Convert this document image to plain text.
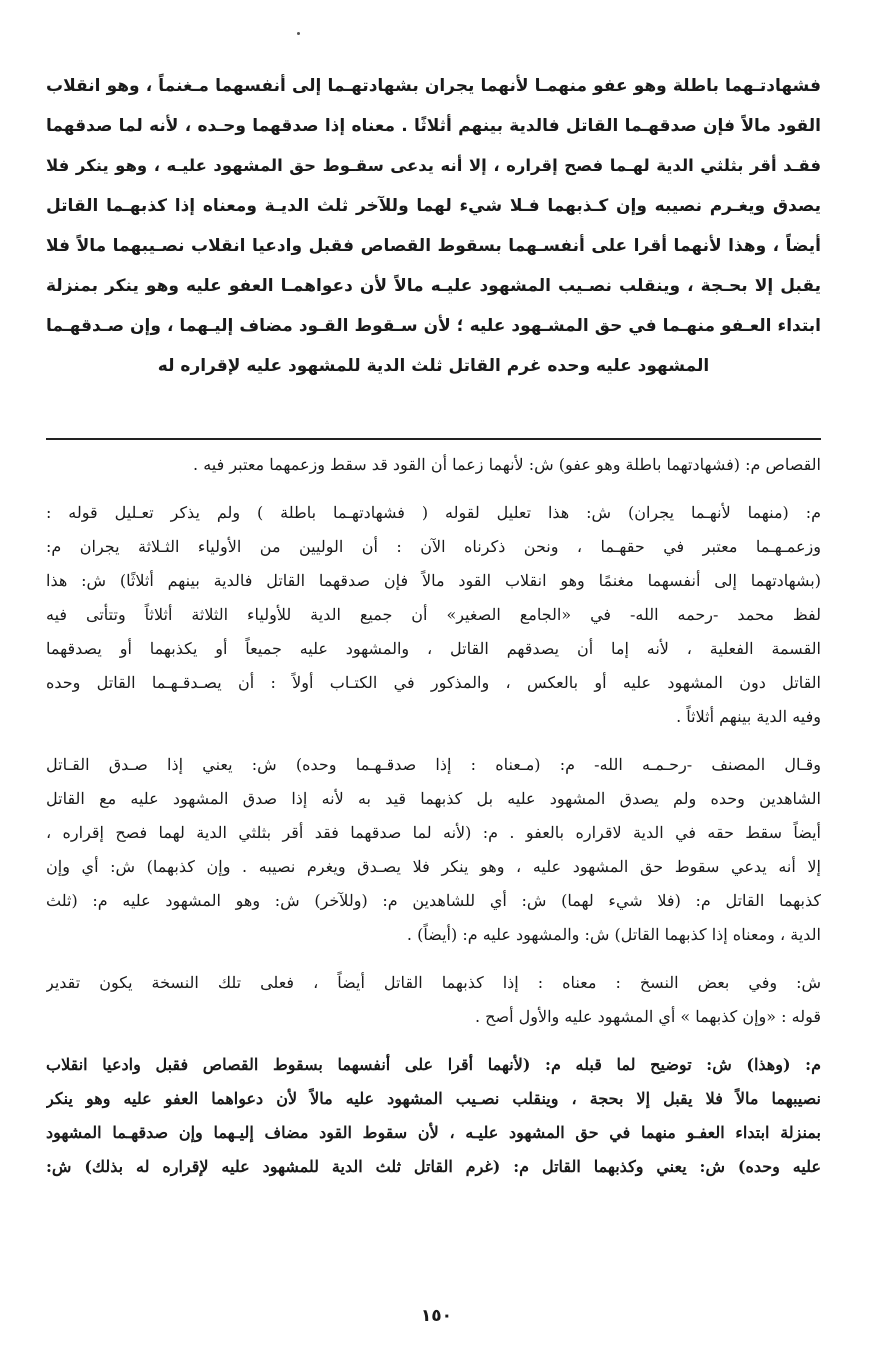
فشهادتـهما باطلة وهو عفو منهمـا لأنهما يجران بشهادتهـما إلى أنفسهما مـغنماً ، وهو انقلاب
القود مالاً فإن صدقهـما القاتل فالدية بينهم أثلاثًا . معناه إذا صدقهما وحـده ، لأنه لما صدقهما
فقـد أقر بثلثي الدية لهـما فصح إقراره ، إلا أنه يدعى سقـوط حق المشهود عليـه ، وهو ينكر فلا
يصدق ويغـرم نصيبه وإن كـذبهما فـلا شيء لهما وللآخر ثلث الديـة ومعناه إذا كذبهـما القاتل
أيضاً ، وهذا لأنهما أقرا على أنفسـهما بسقوط القصاص فقبل وادعيا انقلاب نصـيبهما مالاً فلا
يقبل إلا بحـجة ، وينقلب نصـيب المشهود عليـه مالاً لأن دعواهمـا العفو عليه وهو ينكر بمنزلة
ابتداء العـفو منهـما في حق المشـهود عليه ؛ لأن سـقوط القـود مضاف إليـهما ، وإن صـدقهـما
المشهود عليه وحده غرم القاتل ثلث الدية للمشهود عليه لإقراره له
القصاص م: (فشهادتهما باطلة وهو عفو) ش: لأنهما زعما أن القود قد سقط وزعمهما معتبر فيه .
م: (منهما لأنهـما يجران) ش: هذا تعليل لقوله ( فشهادتهـما باطلة ) ولم يذكر تعـليل قوله :
وزعمـهـما معتبر في حقهـما ، ونحن ذكرناه الآن : أن الوليين من الأولياء الثـلاثة يجران م:
(بشهادتهما إلى أنفسهما مغنمًا وهو انقلاب القود مالاً فإن صدقهما القاتل فالدية بينهم أثلاثًا) ش: هذا
لفظ محمد -رحمه الله- في «الجامع الصغير» أن جميع الدية للأولياء الثلاثة أثلاثاً وتتأتى فيه
القسمة الفعلية ، لأنه إما أن يصدقهم القاتل ، والمشهود عليه جميعاً أو يكذبهما أو يصدقهما
القاتل دون المشهود عليه أو بالعكس ، والمذكور في الكتـاب أولاً : أن يصـدقـهـما القاتل وحده
وفيه الدية بينهم أثلاثاً .
وقـال المصنف -رحـمـه الله- م: (مـعناه : إذا صدقـهـما وحده) ش: يعني إذا صـدق القـاتل
الشاهدين وحده ولم يصدق المشهود عليه بل كذبهما قيد به لأنه إذا صدق المشهود عليه مع القاتل
أيضاً سقط حقه في الدية لاقراره بالعفو . م: (لأنه لما صدقهما فقد أقر بثلثي الدية لهما فصح إقراره ،
إلا أنه يدعي سقوط حق المشهود عليه ، وهو ينكر فلا يصـدق ويغرم نصيبه . وإن كذبهما) ش: أي وإن
كذبهما القاتل م: (فلا شيء لهما) ش: أي للشاهدين م: (وللآخر) ش: وهو المشهود عليه م: (ثلث
الدية ، ومعناه إذا كذبهما القاتل) ش: والمشهود عليه م: (أيضاً) .
ش: وفي بعض النسخ : معناه : إذا كذبهما القاتل أيضاً ، فعلى تلك النسخة يكون تقدير
قوله : «وإن كذبهما » أي المشهود عليه والأول أصح .
م: (وهذا) ش: توضيح لما قبله م: (لأنهما أقرا على أنفسهما بسقوط القصاص فقبل وادعيا انقلاب
نصيبهما مالاً فلا يقبل إلا بحجة ، وينقلب نصـيب المشهود عليه مالاً لأن دعواهما العفو عليه وهو ينكر
بمنزلة ابتداء العفـو منهما في حق المشهود عليـه ، لأن سقوط القود مضاف إليـهما وإن صدقهـما المشهود
عليه وحده) ش: يعني وكذبهما القاتل م: (غرم القاتل ثلث الدية للمشهود عليه لإقراره له بذلك) ش:
١٥٠
